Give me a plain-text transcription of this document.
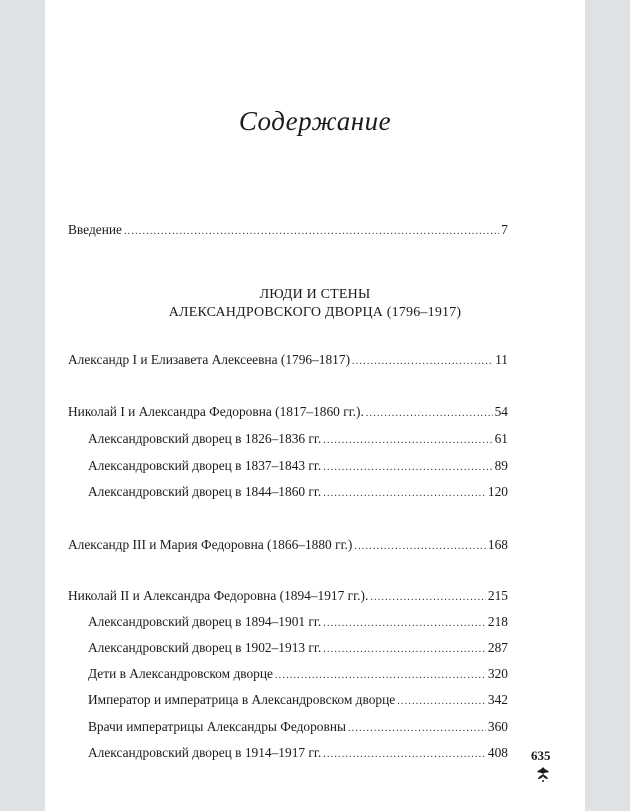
Содержание
ЛЮДИ И СТЕНЫ
АЛЕКСАНДРОВСКОГО ДВОРЦА (1796–1917)
Введение .....	7
Александр I и Елизавета Алексеевна (1796–1817) .....	11
Николай I и Александра Федоровна (1817–1860 гг.). .....	54
Александровский дворец в 1826–1836 гг. .....	61
Александровский дворец в 1837–1843 гг. .....	89
Александровский дворец в 1844–1860 гг. .....	120
Александр III и Мария Федоровна (1866–1880 гг.) .....	168
Николай II и Александра Федоровна (1894–1917 гг.). .....	215
Александровский дворец в 1894–1901 гг. .....	218
Александровский дворец в 1902–1913 гг. .....	287
Дети в Александровском дворце .....	320
Император и императрица в Александровском дворце .....	342
Врачи императрицы Александры Федоровны .....	360
Александровский дворец в 1914–1917 гг. .....	408 635
